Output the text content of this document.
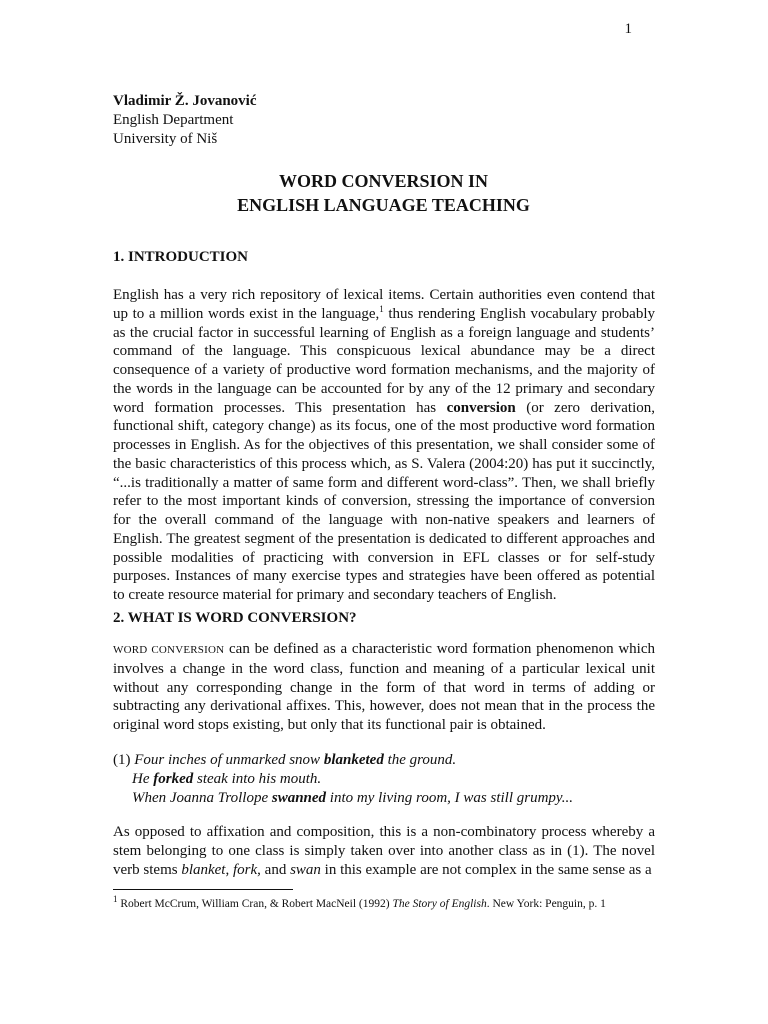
1
Vladimir Ž. Jovanović
English Department
University of Niš
WORD CONVERSION IN
ENGLISH LANGUAGE TEACHING
1. INTRODUCTION

English has a very rich repository of lexical items. Certain authorities even contend that up to a million words exist in the language,$^1$ thus rendering English vocabulary probably as the crucial factor in successful learning of English as a foreign language and students’ command of the language. This conspicuous lexical abundance may be a direct consequence of a variety of productive word formation mechanisms, and the majority of the words in the language can be accounted for by any of the 12 primary and secondary word formation processes. This presentation has conversion (or zero derivation, functional shift, category change) as its focus, one of the most productive word formation processes in English. As for the objectives of this presentation, we shall consider some of the basic characteristics of this process which, as S. Valera (2004:20) has put it succinctly, “...is traditionally a matter of same form and different word-class”. Then, we shall briefly refer to the most important kinds of conversion, stressing the importance of conversion for the overall command of the language with non-native speakers and learners of English. The greatest segment of the presentation is dedicated to different approaches and possible modalities of practicing with conversion in EFL classes or for self-study purposes. Instances of many exercise types and strategies have been offered as potential to create resource material for primary and secondary teachers of English.

2. WHAT IS WORD CONVERSION?

WORD CONVERSION can be defined as a characteristic word formation phenomenon which involves a change in the word class, function and meaning of a particular lexical unit without any corresponding change in the form of that word in terms of adding or subtracting any derivational affixes. This, however, does not mean that in the process the original word stops existing, but only that its functional pair is obtained.

(1) Four inches of unmarked snow blanketed the ground.
He forked steak into his mouth.
When Joanna Trollope swanned into my living room, I was still grumpy...

As opposed to affixation and composition, this is a non-combinatory process whereby a stem belonging to one class is simply taken over into another class as in (1). The novel verb stems blanket, fork, and swan in this example are not complex in the same sense as a

$^1$ Robert McCrum, William Cran, & Robert MacNeil (1992) The Story of English. New York: Penguin, p. 1
